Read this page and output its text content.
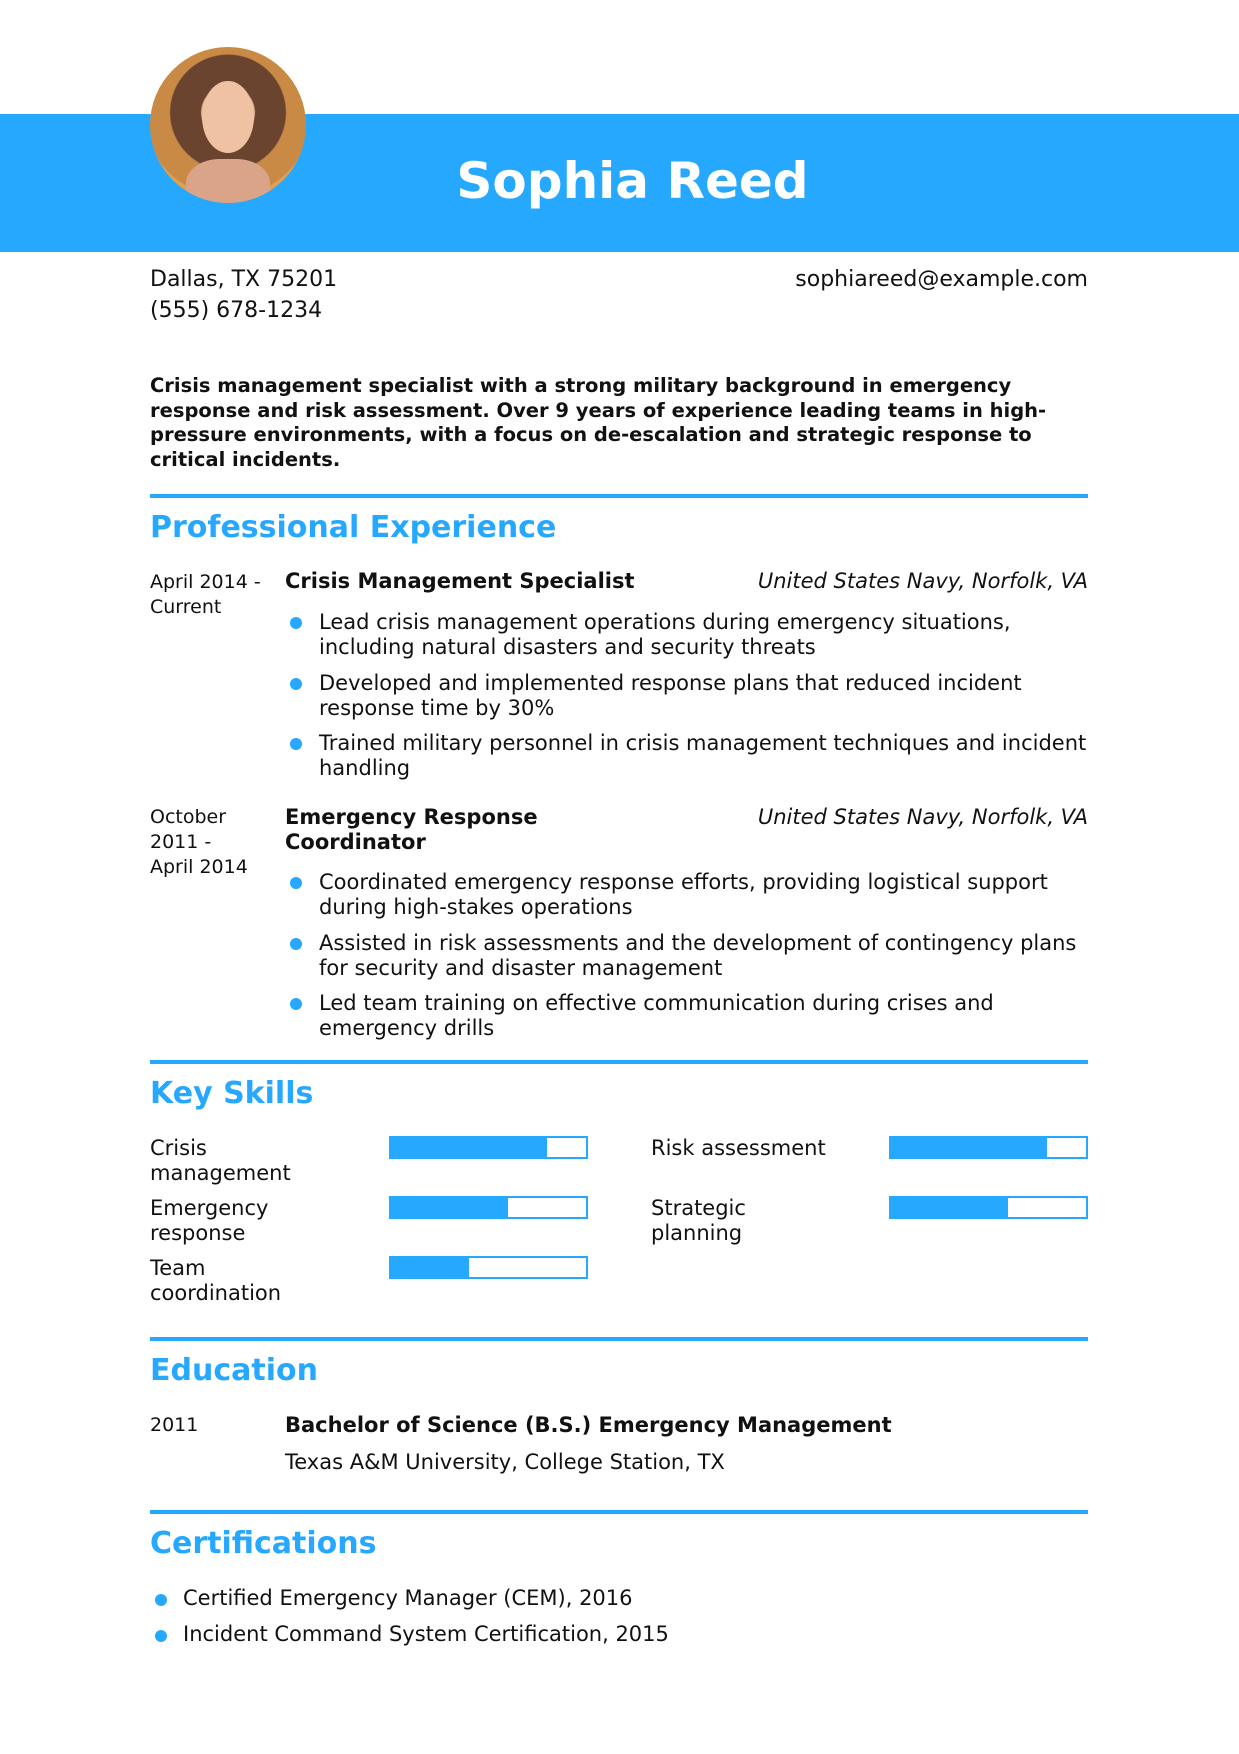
Sophia Reed
Dallas, TX 75201
(555) 678-1234
sophiareed@example.com
Crisis management specialist with a strong military background in emergency response and risk assessment. Over 9 years of experience leading teams in high-pressure environments, with a focus on de-escalation and strategic response to critical incidents.
Professional Experience
April 2014 - Current
Crisis Management Specialist	United States Navy, Norfolk, VA
Lead crisis management operations during emergency situations, including natural disasters and security threats
Developed and implemented response plans that reduced incident response time by 30%
Trained military personnel in crisis management techniques and incident handling
October 2011 - April 2014
Emergency Response Coordinator
United States Navy, Norfolk, VA
Coordinated emergency response efforts, providing logistical support during high-stakes operations
Assisted in risk assessments and the development of contingency plans for security and disaster management
Led team training on effective communication during crises and emergency drills
Key Skills
Crisis management
Risk assessment
Emergency response
Strategic planning
Team coordination
Education
2011	Bachelor of Science (B.S.) Emergency Management
Texas A&M University, College Station, TX
Certifications
Certified Emergency Manager (CEM), 2016
Incident Command System Certification, 2015
